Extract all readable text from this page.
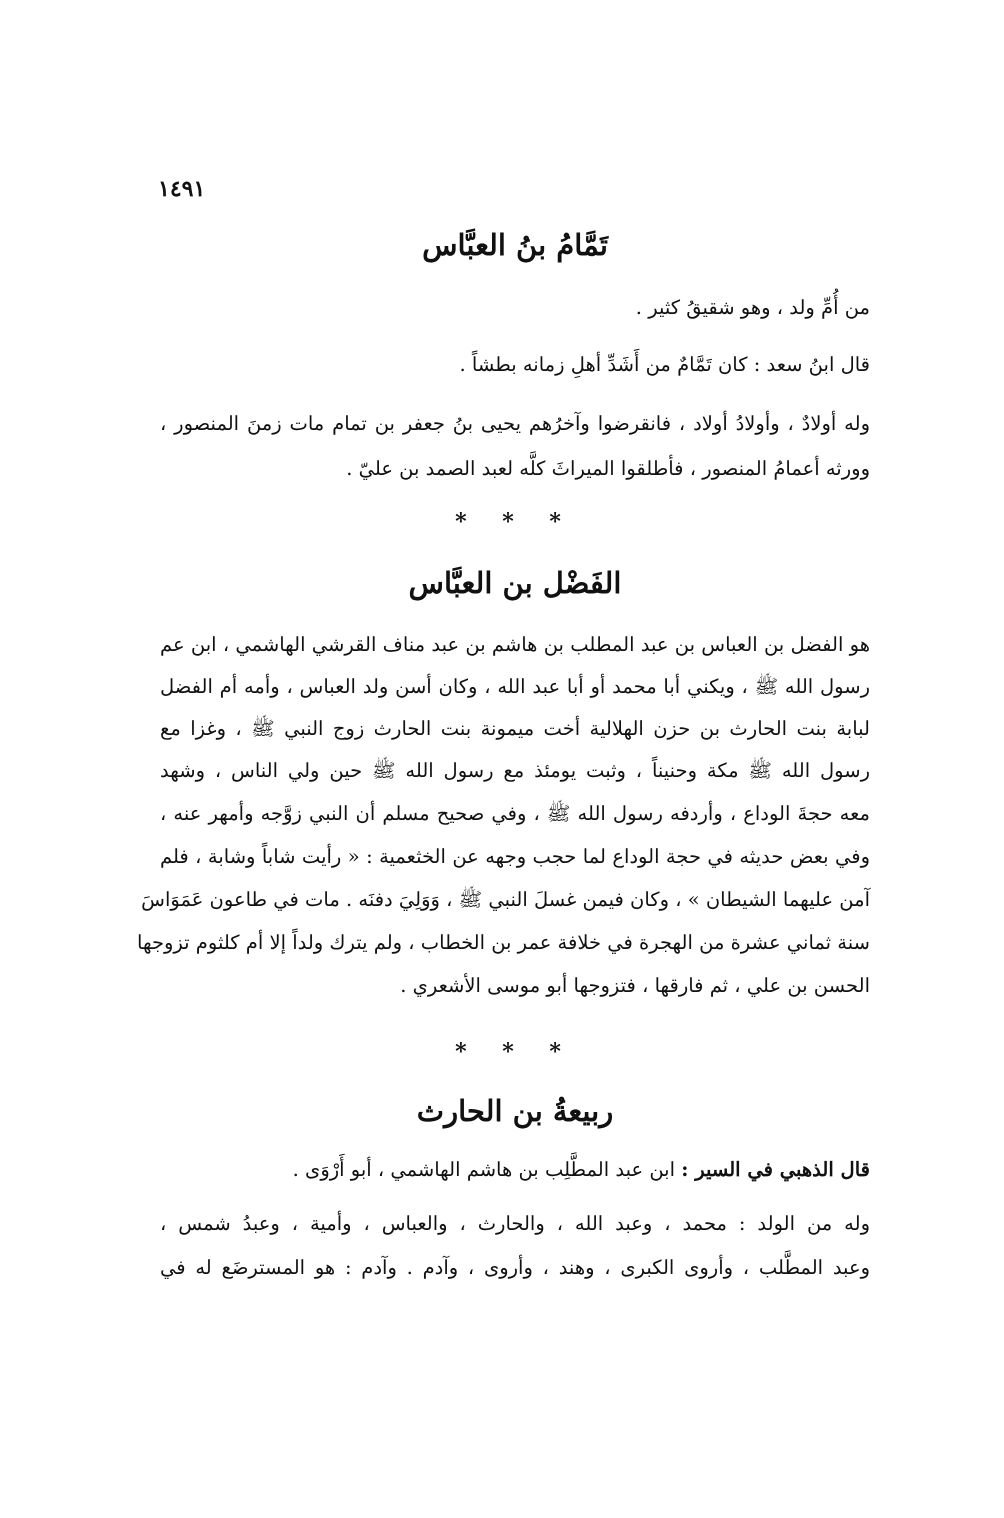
١٤٩١
تَمَّامُ بنُ العبَّاس
من أُمِّ ولد ، وهو شقيقُ كثير .
قال ابنُ سعد : كان تَمَّامٌ من أَشَدِّ أهلِ زمانه بطشاً .
وله أولادٌ ، وأولادُ أولاد ، فانقرضوا وآخرُهم يحيى بنُ جعفر بن تمام مات زمنَ المنصور ،
وورثه أعمامُ المنصور ، فأطلقوا الميراثَ كلَّه لعبد الصمد بن عليّ .
* * *
الفَضْل بن العبَّاس
هو الفضل بن العباس بن عبد المطلب بن هاشم بن عبد مناف القرشي الهاشمي ، ابن عم
رسول الله ﷺ ، ويكني أبا محمد أو أبا عبد الله ، وكان أسن ولد العباس ، وأمه أم الفضل
لبابة بنت الحارث بن حزن الهلالية أخت ميمونة بنت الحارث زوج النبي ﷺ ، وغزا مع
رسول الله ﷺ مكة وحنيناً ، وثبت يومئذ مع رسول الله ﷺ حين ولي الناس ، وشهد
معه حجةَ الوداع ، وأردفه رسول الله ﷺ ، وفي صحيح مسلم أن النبي زوَّجه وأمهر عنه ،
وفي بعض حديثه في حجة الوداع لما حجب وجهه عن الخثعمية : « رأيت شاباً وشابة ، فلم
آمن عليهما الشيطان » ، وكان فيمن غسلَ النبي ﷺ ، وَوَلِيَ دفنَه . مات في طاعون عَمَوَاسَ
سنة ثماني عشرة من الهجرة في خلافة عمر بن الخطاب ، ولم يترك ولداً إلا أم كلثوم تزوجها
الحسن بن علي ، ثم فارقها ، فتزوجها أبو موسى الأشعري .
* * *
ربيعةُ بن الحارث
قال الذهبي في السير : ابن عبد المطَّلِب بن هاشم الهاشمي ، أبو أَرْوَى .
وله من الولد : محمد ، وعبد الله ، والحارث ، والعباس ، وأمية ، وعبدُ شمس ،
وعبد المطَّلب ، وأروى الكبرى ، وهند ، وأروى ، وآدم . وآدم : هو المسترضَع له في
